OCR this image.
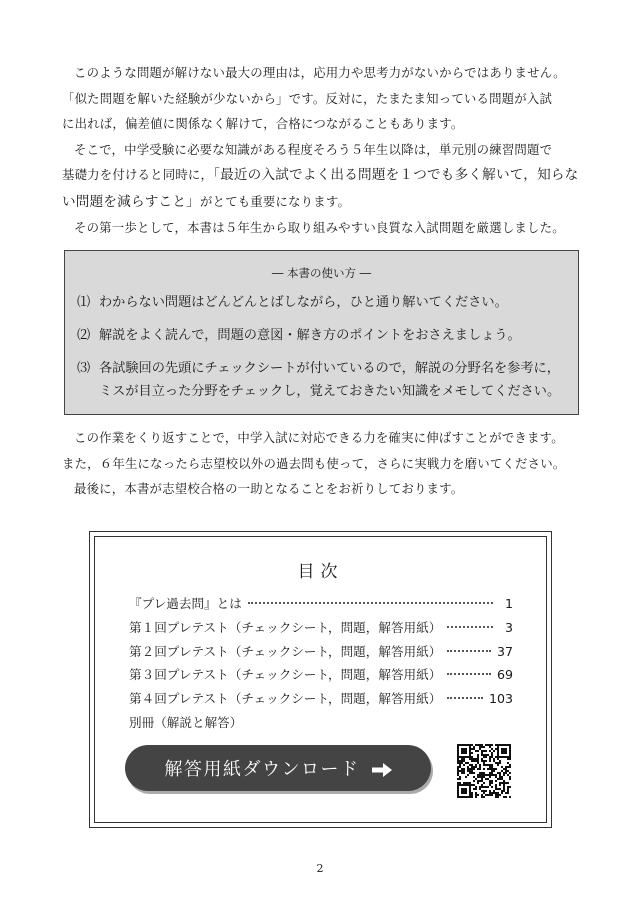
このような問題が解けない最大の理由は，応用力や思考力がないからではありません。

「似た問題を解いた経験が少ないから」です。反対に，たまたま知っている問題が入試

に出れば，偏差値に関係なく解けて，合格につながることもあります。

そこで，中学受験に必要な知識がある程度そろう５年生以降は，単元別の練習問題で

基礎力を付けると同時に，「最近の入試でよく出る問題を１つでも多く解いて，知らな

い問題を減らすこと」がとても重要になります。

その第一歩として，本書は５年生から取り組みやすい良質な入試問題を厳選しました。

― 本書の使い方 ―
⑴ わからない問題はどんどんとばしながら，ひと通り解いてください。
⑵ 解説をよく読んで，問題の意図・解き方のポイントをおさえましょう。
⑶ 各試験回の先頭にチェックシートが付いているので，解説の分野名を参考に，
ミスが目立った分野をチェックし，覚えておきたい知識をメモしてください。

この作業をくり返すことで，中学入試に対応できる力を確実に伸ばすことができます。

また，６年生になったら志望校以外の過去問も使って，さらに実戦力を磨いてください。

最後に，本書が志望校合格の一助となることをお祈りしております。

目次
『プレ過去問』とは	1
第１回プレテスト（チェックシート，問題，解答用紙）	3
第２回プレテスト（チェックシート，問題，解答用紙）	37
第３回プレテスト（チェックシート，問題，解答用紙）	69
第４回プレテスト（チェックシート，問題，解答用紙）	103
別冊（解説と解答）
解答用紙ダウンロード
2
